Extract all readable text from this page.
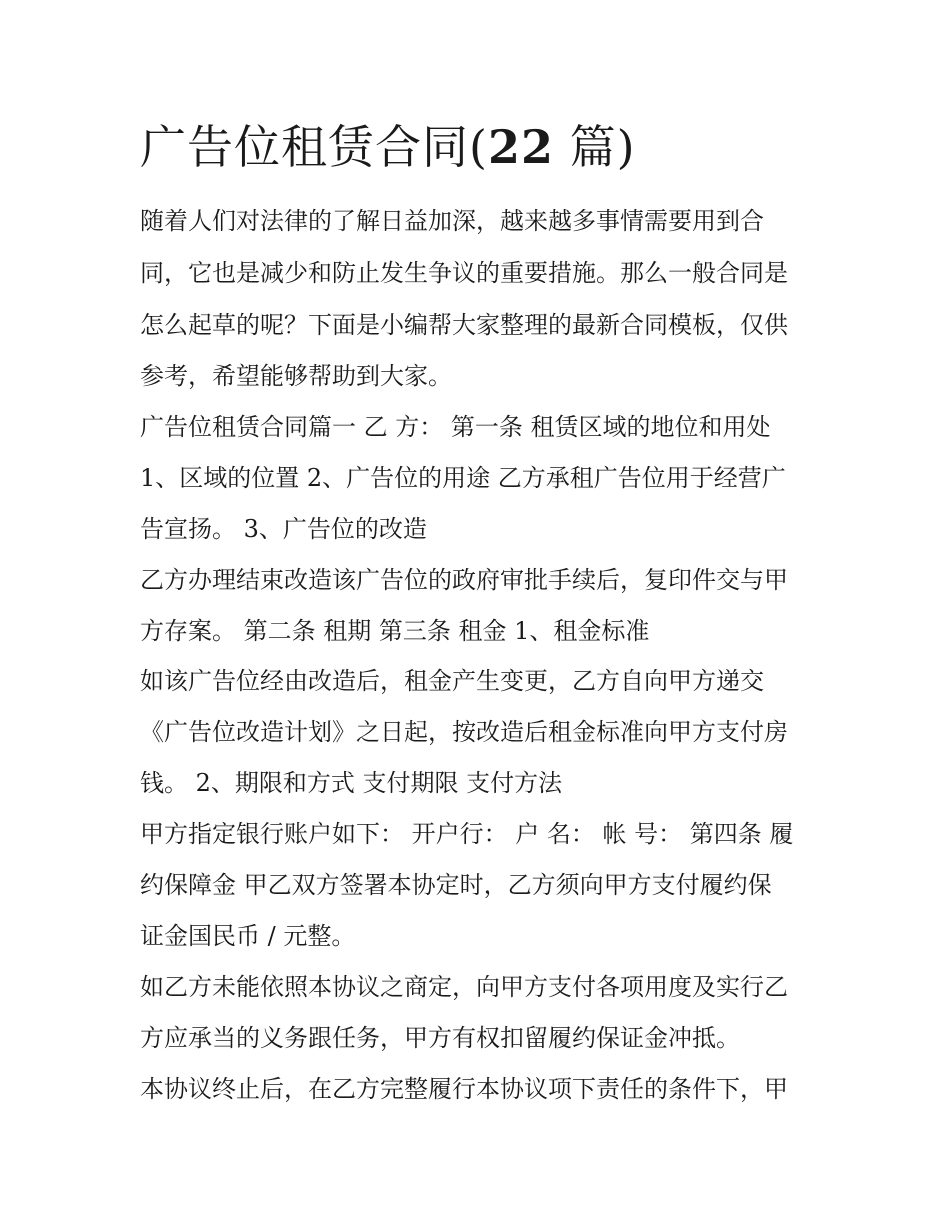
广告位租赁合同(22 篇)
随着人们对法律的了解日益加深，越来越多事情需要用到合
同，它也是减少和防止发生争议的重要措施。那么一般合同是
怎么起草的呢？下面是小编帮大家整理的最新合同模板，仅供
参考，希望能够帮助到大家。
广告位租赁合同篇一 乙 方： 第一条 租赁区域的地位和用处
1、区域的位置 2、广告位的用途 乙方承租广告位用于经营广
告宣扬。 3、广告位的改造
乙方办理结束改造该广告位的政府审批手续后，复印件交与甲
方存案。 第二条 租期 第三条 租金 1、租金标准
如该广告位经由改造后，租金产生变更，乙方自向甲方递交
《广告位改造计划》之日起，按改造后租金标准向甲方支付房
钱。 2、期限和方式 支付期限 支付方法
甲方指定银行账户如下： 开户行： 户 名： 帐 号： 第四条 履
约保障金 甲乙双方签署本协定时，乙方须向甲方支付履约保
证金国民币 / 元整。
如乙方未能依照本协议之商定，向甲方支付各项用度及实行乙
方应承当的义务跟任务，甲方有权扣留履约保证金冲抵。
本协议终止后，在乙方完整履行本协议项下责任的条件下，甲
